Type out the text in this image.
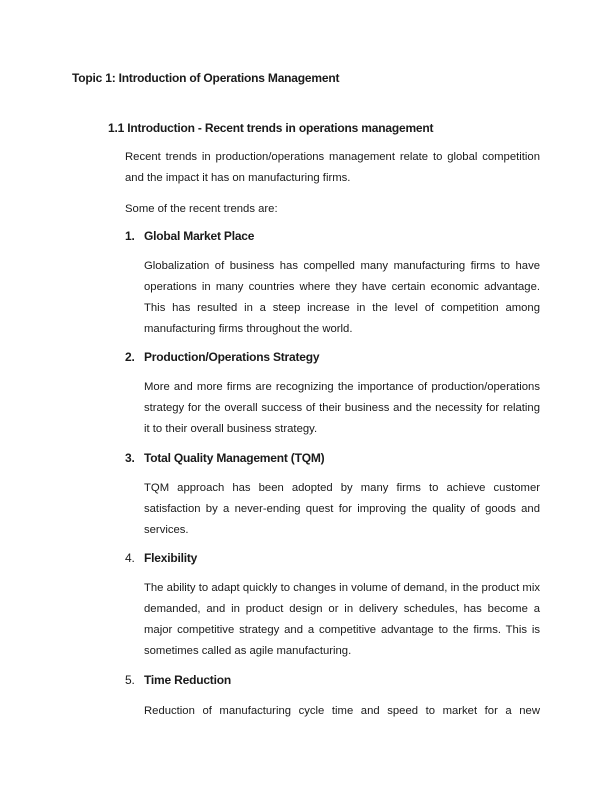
Topic 1: Introduction of Operations Management
1.1 Introduction - Recent trends in operations management
Recent trends in production/operations management relate to global competition and the impact it has on manufacturing firms.
Some of the recent trends are:
1. Global Market Place
Globalization of business has compelled many manufacturing firms to have operations in many countries where they have certain economic advantage. This has resulted in a steep increase in the level of competition among manufacturing firms throughout the world.
2. Production/Operations Strategy
More and more firms are recognizing the importance of production/operations strategy for the overall success of their business and the necessity for relating it to their overall business strategy.
3. Total Quality Management (TQM)
TQM approach has been adopted by many firms to achieve customer satisfaction by a never-ending quest for improving the quality of goods and services.
4. Flexibility
The ability to adapt quickly to changes in volume of demand, in the product mix demanded, and in product design or in delivery schedules, has become a major competitive strategy and a competitive advantage to the firms. This is sometimes called as agile manufacturing.
5. Time Reduction
Reduction of manufacturing cycle time and speed to market for a new
